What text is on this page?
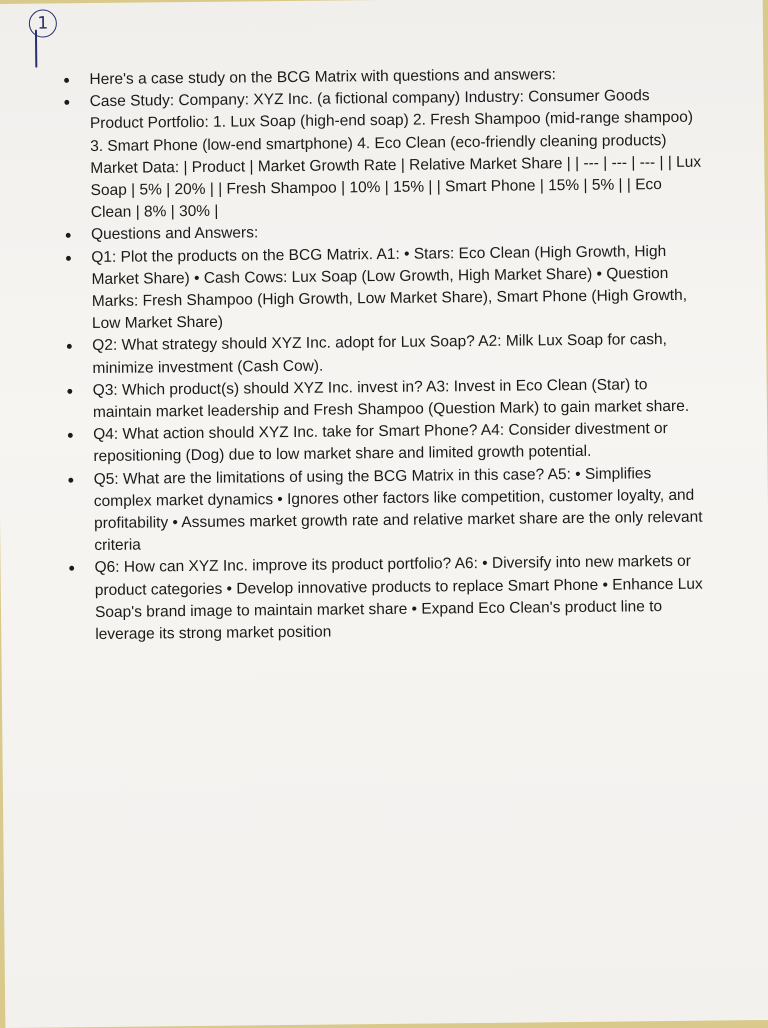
​
1
• Here's a case study on the BCG Matrix with questions and answers:
• Case Study: Company: XYZ Inc. (a fictional company) Industry: Consumer Goods Product Portfolio: 1. Lux Soap (high-end soap) 2. Fresh Shampoo (mid-range shampoo) 3. Smart Phone (low-end smartphone) 4. Eco Clean (eco-friendly cleaning products) Market Data: | Product | Market Growth Rate | Relative Market Share | | --- | --- | --- | | Lux Soap | 5% | 20% | | Fresh Shampoo | 10% | 15% | | Smart Phone | 15% | 5% | | Eco Clean | 8% | 30% |
• Questions and Answers:
• Q1: Plot the products on the BCG Matrix. A1: • Stars: Eco Clean (High Growth, High Market Share) • Cash Cows: Lux Soap (Low Growth, High Market Share) • Question Marks: Fresh Shampoo (High Growth, Low Market Share), Smart Phone (High Growth, Low Market Share)
• Q2: What strategy should XYZ Inc. adopt for Lux Soap? A2: Milk Lux Soap for cash, minimize investment (Cash Cow).
• Q3: Which product(s) should XYZ Inc. invest in? A3: Invest in Eco Clean (Star) to maintain market leadership and Fresh Shampoo (Question Mark) to gain market share.
• Q4: What action should XYZ Inc. take for Smart Phone? A4: Consider divestment or repositioning (Dog) due to low market share and limited growth potential.
• Q5: What are the limitations of using the BCG Matrix in this case? A5: • Simplifies complex market dynamics • Ignores other factors like competition, customer loyalty, and profitability • Assumes market growth rate and relative market share are the only relevant criteria
• Q6: How can XYZ Inc. improve its product portfolio? A6: • Diversify into new markets or product categories • Develop innovative products to replace Smart Phone • Enhance Lux Soap's brand image to maintain market share • Expand Eco Clean's product line to leverage its strong market position
